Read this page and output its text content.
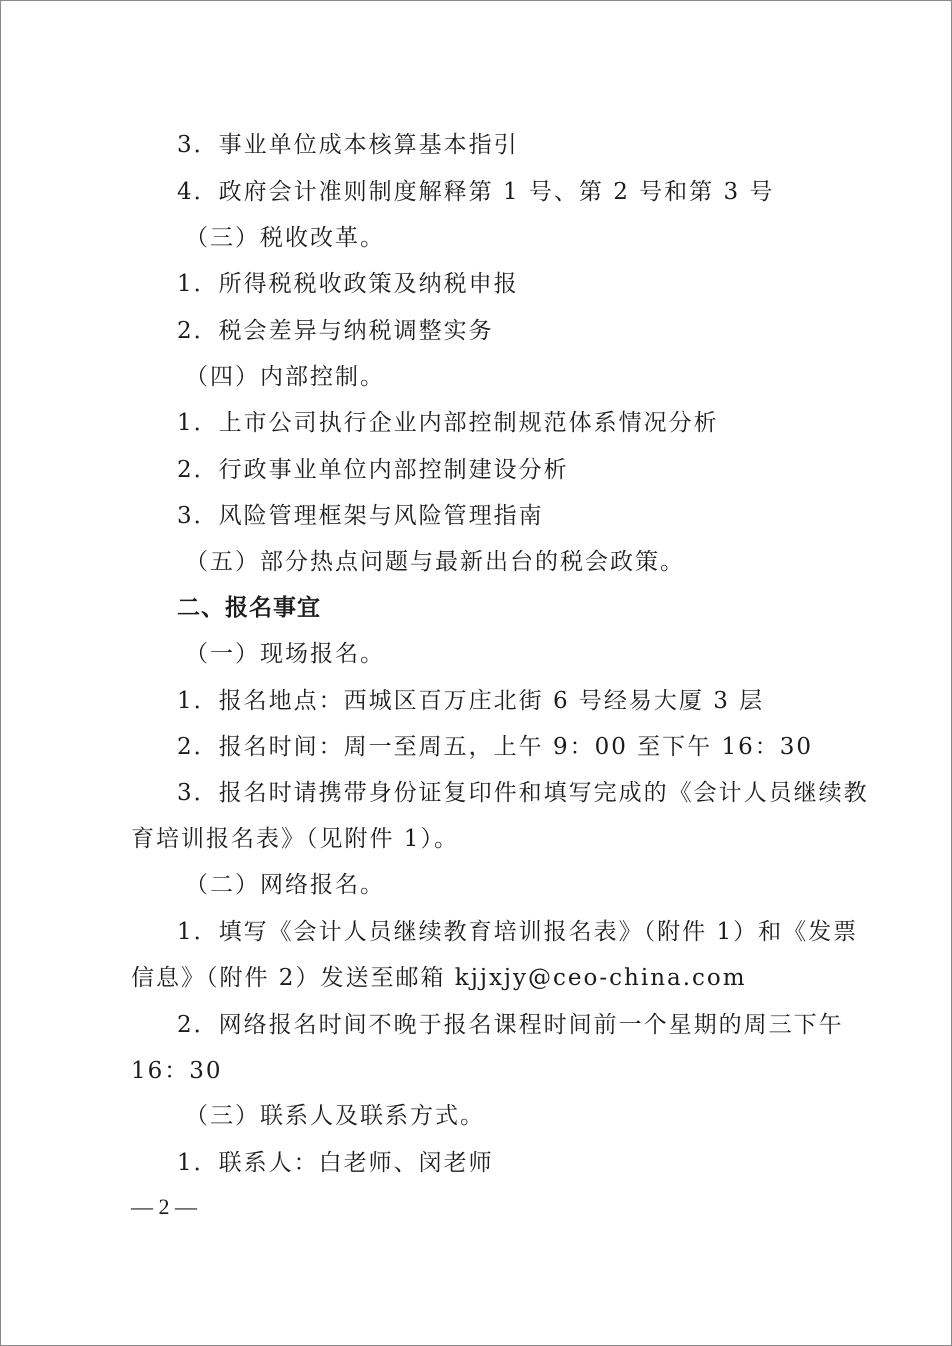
3．事业单位成本核算基本指引

4．政府会计准则制度解释第 1 号、第 2 号和第 3 号

（三）税收改革。

1．所得税税收政策及纳税申报

2．税会差异与纳税调整实务

（四）内部控制。

1．上市公司执行企业内部控制规范体系情况分析

2．行政事业单位内部控制建设分析

3．风险管理框架与风险管理指南

（五）部分热点问题与最新出台的税会政策。

二、报名事宜

（一）现场报名。

1．报名地点：西城区百万庄北街 6 号经易大厦 3 层

2．报名时间：周一至周五，上午 9：00 至下午 16：30

3．报名时请携带身份证复印件和填写完成的《会计人员继续教

育培训报名表》（见附件 1）。

（二）网络报名。

1．填写《会计人员继续教育培训报名表》（附件 1）和《发票

信息》（附件 2）发送至邮箱 kjjxjy@ceo-china.com

2．网络报名时间不晚于报名课程时间前一个星期的周三下午

16：30

（三）联系人及联系方式。

1．联系人：白老师、闵老师

— 2 —
